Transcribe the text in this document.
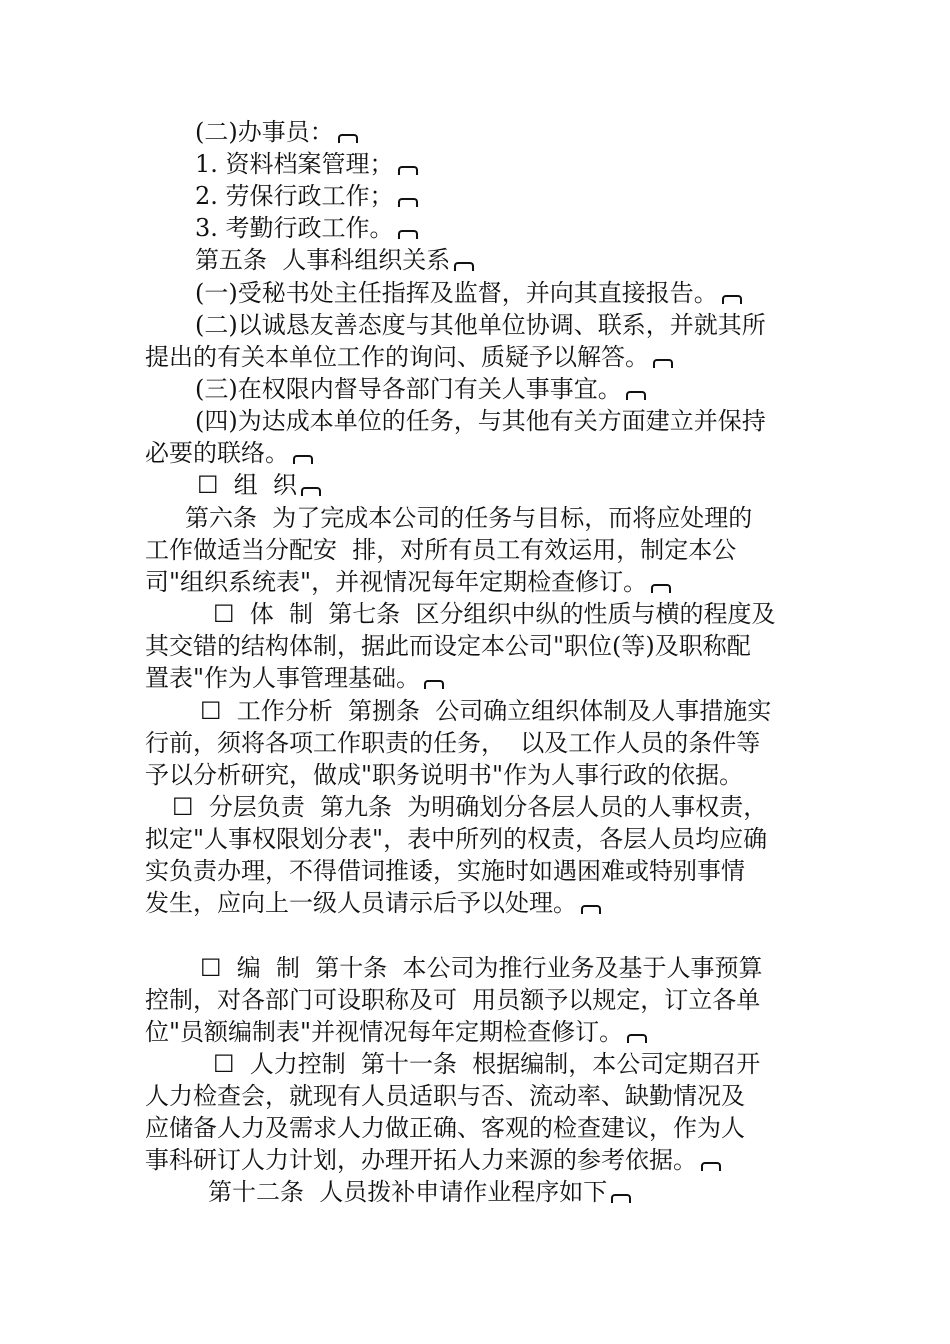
(二)办事员：
1. 资料档案管理；
2. 劳保行政工作；
3. 考勤行政工作。
第五条  人事科组织关系
(一)受秘书处主任指挥及监督，并向其直接报告。
(二)以诚恳友善态度与其他单位协调、联系，并就其所
提出的有关本单位工作的询问、质疑予以解答。
(三)在权限内督导各部门有关人事事宜。
(四)为达成本单位的任务，与其他有关方面建立并保持
必要的联络。
☐  组  织
第六条  为了完成本公司的任务与目标，而将应处理的
工作做适当分配安  排，对所有员工有效运用，制定本公
司"组织系统表"，并视情况每年定期检查修订。
☐  体  制  第七条  区分组织中纵的性质与横的程度及
其交错的结构体制，据此而设定本公司"职位(等)及职称配
置表"作为人事管理基础。
☐  工作分析  第捌条  公司确立组织体制及人事措施实
行前，须将各项工作职责的任务，  以及工作人员的条件等
予以分析研究，做成"职务说明书"作为人事行政的依据。
☐  分层负责  第九条  为明确划分各层人员的人事权责，
拟定"人事权限划分表"，表中所列的权责，各层人员均应确
实负责办理，不得借词推诿，实施时如遇困难或特别事情
发生，应向上一级人员请示后予以处理。
☐  编  制  第十条  本公司为推行业务及基于人事预算
控制，对各部门可设职称及可  用员额予以规定，订立各单
位"员额编制表"并视情况每年定期检查修订。
☐  人力控制  第十一条  根据编制，本公司定期召开
人力检查会，就现有人员适职与否、流动率、缺勤情况及
应储备人力及需求人力做正确、客观的检查建议，作为人
事科研订人力计划，办理开拓人力来源的参考依据。
第十二条  人员拨补申请作业程序如下
